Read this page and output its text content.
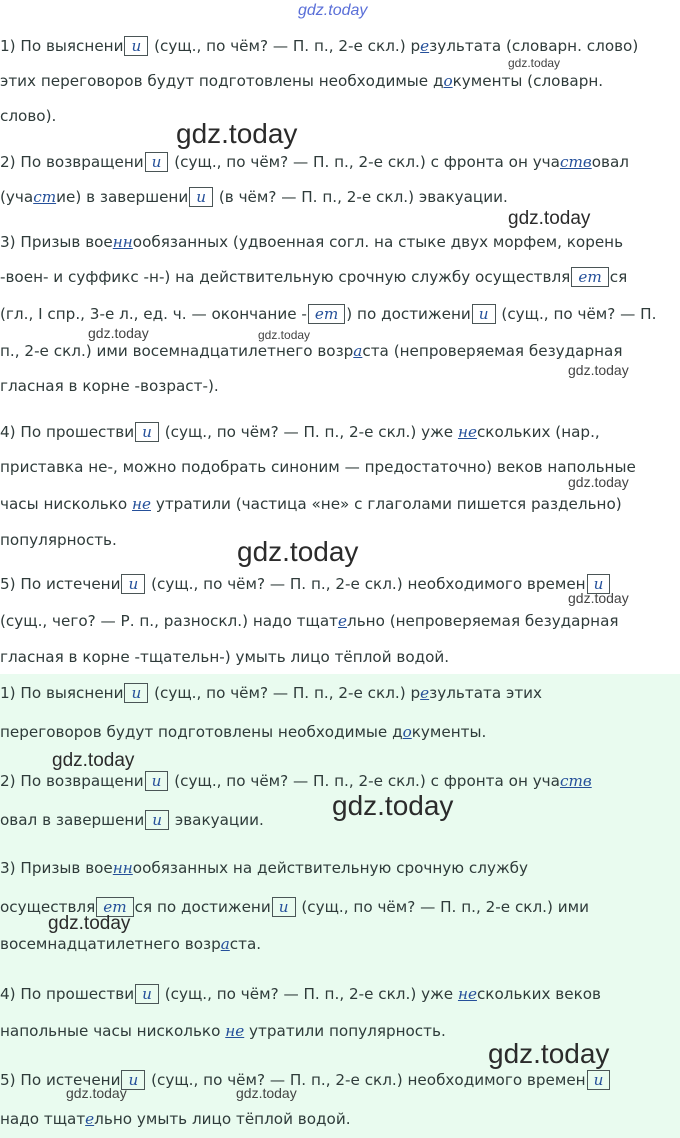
1) По выяснени и (сущ., по чём? — П. п., 2-е скл.) результата (словарн. слово)
этих переговоров будут подготовлены необходимые документы (словарн.
слово).
2) По возвращени и (сущ., по чём? — П. п., 2-е скл.) с фронта он участвовал
(участие) в завершени и (в чём? — П. п., 2-е скл.) эвакуации.
3) Призыв военнообязанных (удвоенная согл. на стыке двух морфем, корень
-воен- и суффикс -н-) на действительную срочную службу осуществля ет ся
(гл., I спр., 3-е л., ед. ч. — окончание - ет ) по достижени и (сущ., по чём? — П.
п., 2-е скл.) ими восемнадцатилетнего возраста (непроверяемая безударная
гласная в корне -возраст-).
4) По прошестви и (сущ., по чём? — П. п., 2-е скл.) уже нескольких (нар.,
приставка не-, можно подобрать синоним — предостаточно) веков напольные
часы нисколько не утратили (частица «не» с глаголами пишется раздельно)
популярность.
5) По истечени и (сущ., по чём? — П. п., 2-е скл.) необходимого времен и
(сущ., чего? — Р. п., разноскл.) надо тщательно (непроверяемая безударная
гласная в корне -тщательн-) умыть лицо тёплой водой.
1) По выяснени и (сущ., по чём? — П. п., 2-е скл.) результата этих
переговоров будут подготовлены необходимые документы.
2) По возвращени и (сущ., по чём? — П. п., 2-е скл.) с фронта он участв
овал в завершени и эвакуации.
3) Призыв военнообязанных на действительную срочную службу
осуществля ет ся по достижени и (сущ., по чём? — П. п., 2-е скл.) ими
восемнадцатилетнего возраста.
4) По прошестви и (сущ., по чём? — П. п., 2-е скл.) уже нескольких веков
напольные часы нисколько не утратили популярность.
5) По истечени и (сущ., по чём? — П. п., 2-е скл.) необходимого времен и
надо тщательно умыть лицо тёплой водой.
gdz.today
gdz.today
gdz.today
gdz.today
gdz.today	gdz.today
gdz.today
gdz.today
gdz.today
gdz.today
gdz.today
gdz.today
gdz.today
gdz.today
gdz.today	gdz.today
